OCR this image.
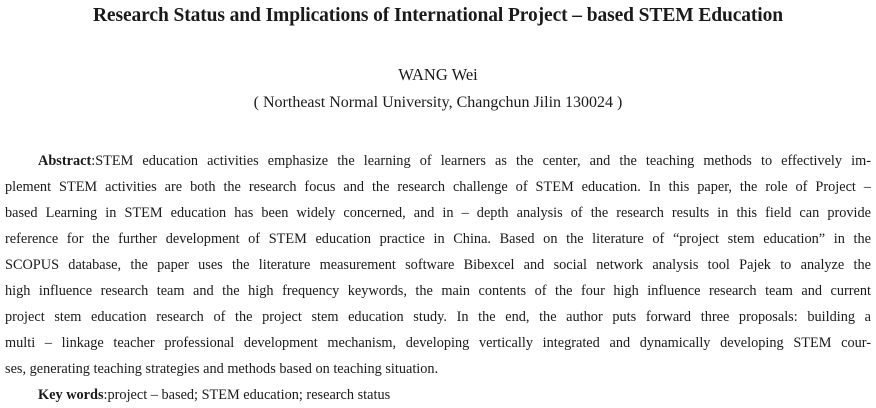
Research Status and Implications of International Project – based STEM Education
WANG Wei
( Northeast Normal University, Changchun Jilin 130024 )
Abstract:STEM education activities emphasize the learning of learners as the center, and the teaching methods to effectively im-
plement STEM activities are both the research focus and the research challenge of STEM education. In this paper, the role of Project –
based Learning in STEM education has been widely concerned, and in – depth analysis of the research results in this field can provide
reference for the further development of STEM education practice in China. Based on the literature of “project stem education” in the
SCOPUS database, the paper uses the literature measurement software Bibexcel and social network analysis tool Pajek to analyze the
high influence research team and the high frequency keywords, the main contents of the four high influence research team and current
project stem education research of the project stem education study. In the end, the author puts forward three proposals: building a
multi – linkage teacher professional development mechanism, developing vertically integrated and dynamically developing STEM cour-
ses, generating teaching strategies and methods based on teaching situation.
Key words:project – based; STEM education; research status
